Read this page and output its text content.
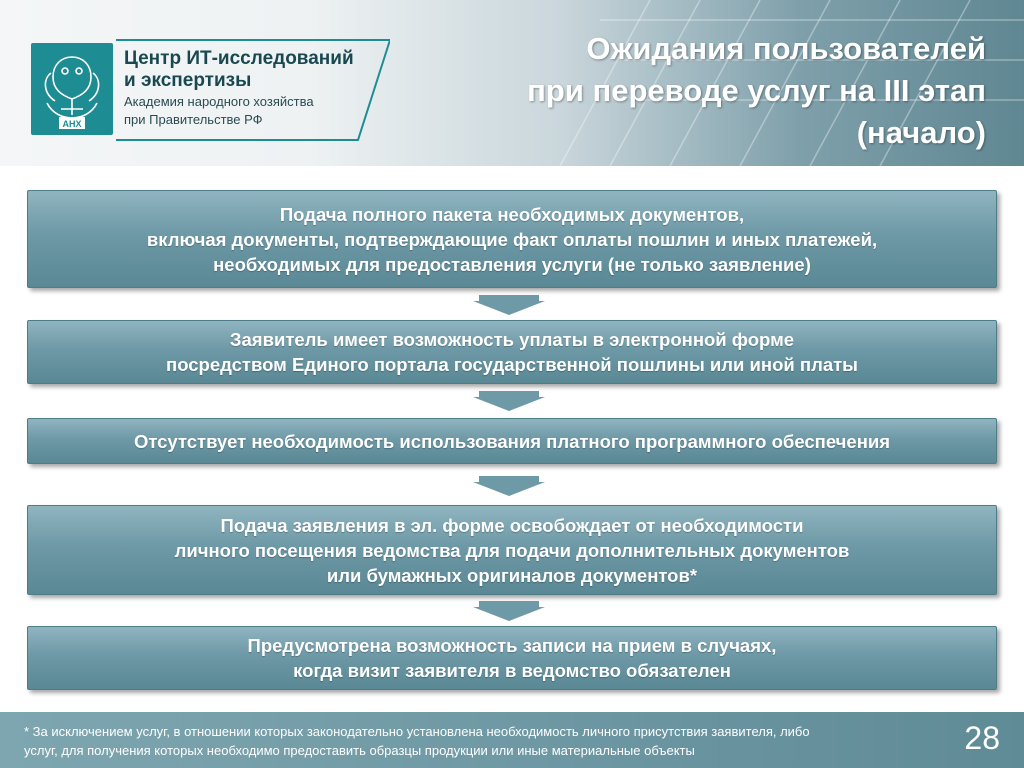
АНХ
Центр ИТ-исследований
и экспертизы
Академия народного хозяйства
при Правительстве РФ
Ожидания пользователей
при переводе услуг на III этап
(начало)
Подача полного пакета необходимых документов,
включая документы, подтверждающие факт оплаты пошлин и иных платежей,
необходимых для предоставления услуги (не только заявление)
Заявитель имеет возможность уплаты в электронной форме
посредством Единого портала государственной пошлины или иной платы
Отсутствует необходимость использования платного программного обеспечения
Подача заявления в эл. форме освобождает от необходимости
личного посещения ведомства для подачи дополнительных документов
или бумажных оригиналов документов*
Предусмотрена возможность записи на прием в случаях,
когда визит заявителя в ведомство обязателен
* За исключением услуг, в отношении которых законодательно установлена необходимость личного присутствия заявителя, либо
услуг, для получения которых необходимо предоставить образцы продукции или иные материальные объекты	28
